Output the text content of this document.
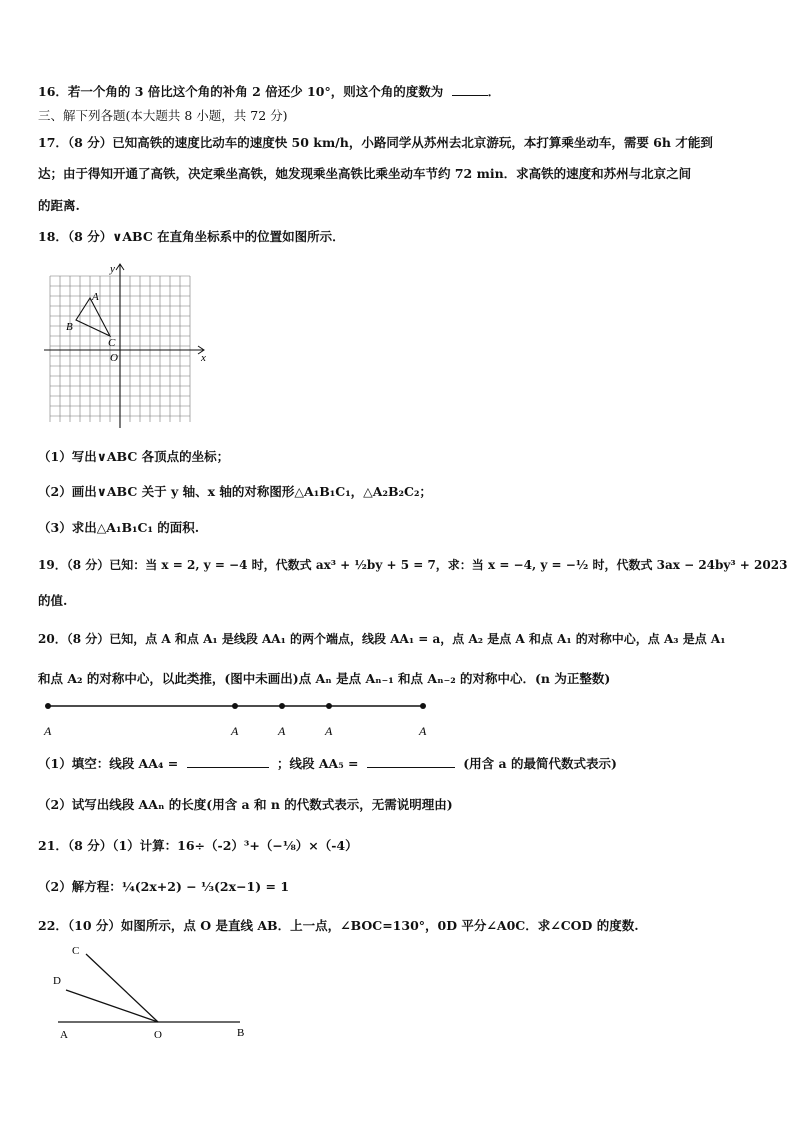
16．若一个角的 3 倍比这个角的补角 2 倍还少 10°，则这个角的度数为	．
三、解下列各题(本大题共 8 小题，共 72 分)
17．（8 分）已知高铁的速度比动车的速度快 50 km/h，小路同学从苏州去北京游玩，本打算乘坐动车，需要 6h 才能到
达；由于得知开通了高铁，决定乘坐高铁，她发现乘坐高铁比乘坐动车节约 72 min．求高铁的速度和苏州与北京之间
的距离.
18．（8 分）∨ABC 在直角坐标系中的位置如图所示．
y
x
O
A
B
C
（1）写出∨ABC 各顶点的坐标；
（2）画出∨ABC 关于 y 轴、x 轴的对称图形△A₁B₁C₁，△A₂B₂C₂；
（3）求出△A₁B₁C₁ 的面积.
19．（8 分）已知：当 x = 2, y = −4 时，代数式 ax³ + ½by + 5 = 7，求：当 x = −4, y = −½ 时，代数式 3ax − 24by³ + 2023
的值.
20．（8 分）已知，点 A 和点 A₁ 是线段 AA₁ 的两个端点，线段 AA₁ = a，点 A₂ 是点 A 和点 A₁ 的对称中心，点 A₃ 是点 A₁
和点 A₂ 的对称中心，以此类推，(图中未画出)点 Aₙ 是点 Aₙ₋₁ 和点 Aₙ₋₂ 的对称中心．(n 为正整数)
A	A	A	A	A
（1）填空：线段 AA₄ =	；线段 AA₅ =	(用含 a 的最简代数式表示)
（2）试写出线段 AAₙ 的长度(用含 a 和 n 的代数式表示，无需说明理由)
21．（8 分）（1）计算：16÷（-2）³+（−⅛）×（-4）
（2）解方程：¼(2x+2) − ⅓(2x−1) = 1
22．（10 分）如图所示，点 O 是直线 AB．上一点，∠BOC=130°，0D 平分∠A0C．求∠COD 的度数.
C
D
A	O	B
